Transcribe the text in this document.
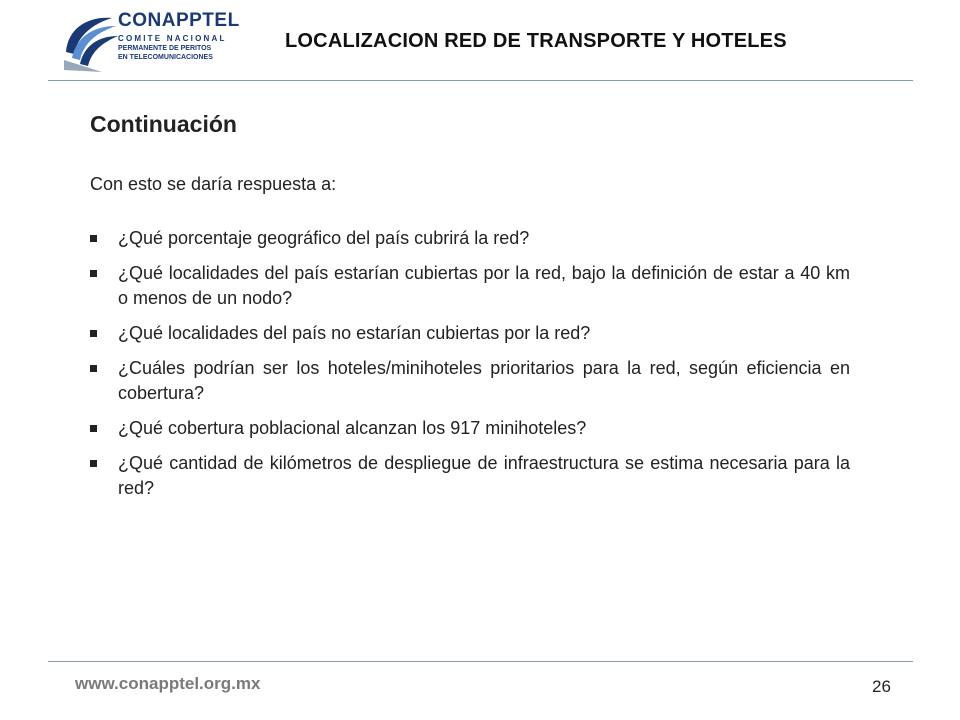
CONAPPTEL
COMITE NACIONAL
PERMANENTE DE PERITOS
EN TELECOMUNICACIONES
LOCALIZACION RED DE TRANSPORTE Y HOTELES
Continuación
Con esto se daría respuesta a:
¿Qué porcentaje geográfico del país cubrirá la red?
¿Qué localidades del país estarían cubiertas por la red, bajo la definición de estar a 40 km o menos de un nodo?
¿Qué localidades del país no estarían cubiertas por la red?
¿Cuáles podrían ser los hoteles/minihoteles prioritarios para la red, según eficiencia en cobertura?
¿Qué cobertura poblacional alcanzan los 917 minihoteles?
¿Qué cantidad de kilómetros de despliegue de infraestructura se estima necesaria para la red?
www.conapptel.org.mx	26
